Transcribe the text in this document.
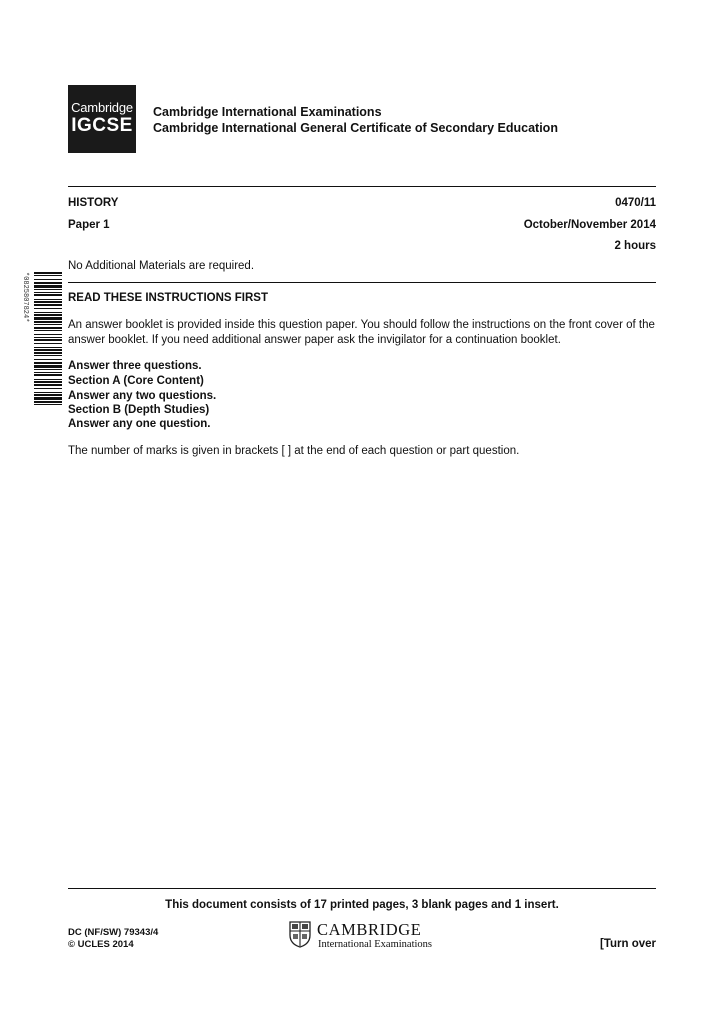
Cambridge
IGCSE
Cambridge International Examinations
Cambridge International General Certificate of Secondary Education
HISTORY	0470/11
Paper 1	October/November 2014
2 hours
No Additional Materials are required.
*0825807824*	READ THESE INSTRUCTIONS FIRST
An answer booklet is provided inside this question paper. You should follow the instructions on the front cover of the answer booklet. If you need additional answer paper ask the invigilator for a continuation booklet.
Answer three questions.
Section A (Core Content)
Answer any two questions.
Section B (Depth Studies)
Answer any one question.
The number of marks is given in brackets [ ] at the end of each question or part question.
This document consists of 17 printed pages, 3 blank pages and 1 insert.
DC (NF/SW) 79343/4
© UCLES 2014
CAMBRIDGE
International Examinations	[Turn over
